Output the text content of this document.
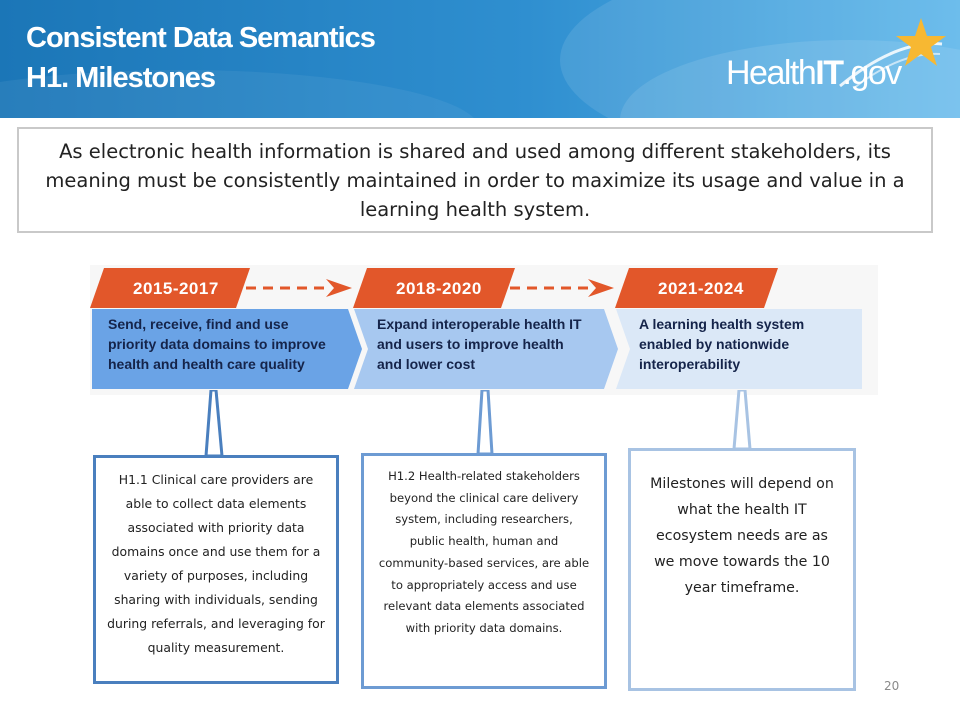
Consistent Data Semantics
H1. Milestones	HealthIT.gov

As electronic health information is shared and used among different stakeholders, its meaning must be consistently maintained in order to maximize its usage and value in a learning health system.

2015-2017	2018-2020	2021-2024
Send, receive, find and use
priority data domains to improve
health and health care quality
Expand interoperable health IT
and users to improve health
and lower cost
A learning health system
enabled by nationwide
interoperability
H1.1 Clinical care providers are able to collect data elements associated with priority data domains once and use them for a variety of purposes, including sharing with individuals, sending during referrals, and leveraging for quality measurement.
H1.2 Health-related stakeholders beyond the clinical care delivery system, including researchers, public health, human and community-based services, are able to appropriately access and use relevant data elements associated with priority data domains.
Milestones will depend on what the health IT ecosystem needs are as we move towards the 10 year timeframe.
20
